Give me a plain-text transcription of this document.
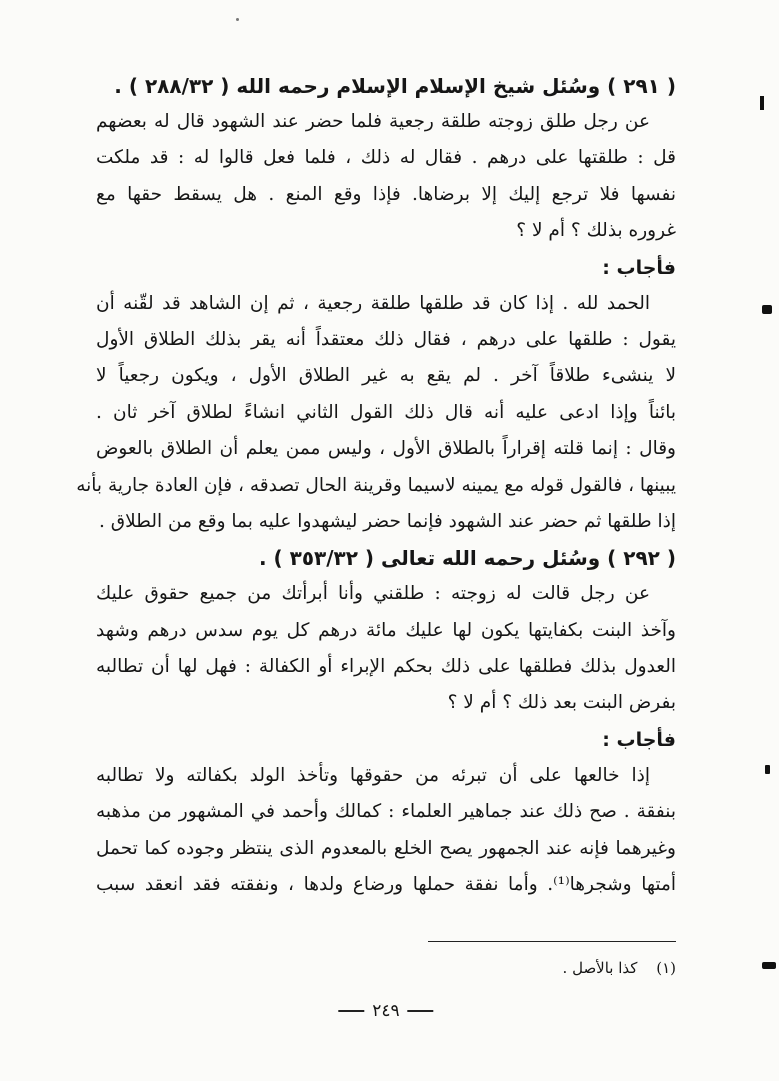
( ٢٩١ ) وسُئل شيخ الإسلام الإسلام رحمه الله ( ٢٨٨/٣٢ ) .

عن رجل طلق زوجته طلقة رجعية فلما حضر عند الشهود قال له بعضهم
قل : طلقتها على درهم . فقال له ذلك ، فلما فعل قالوا له : قد ملكت
نفسها فلا ترجع إليك إلا برضاها. فإذا وقع المنع . هل يسقط حقها مع
غروره بذلك ؟ أم لا ؟

فأجاب :

الحمد لله . إذا كان قد طلقها طلقة رجعية ، ثم إن الشاهد قد لقّنه أن
يقول : طلقها على درهم ، فقال ذلك معتقداً أنه يقر بذلك الطلاق الأول
لا ينشىء طلاقاً آخر . لم يقع به غير الطلاق الأول ، ويكون رجعياً لا
بائناً وإذا ادعى عليه أنه قال ذلك القول الثاني انشاءً لطلاق آخر ثان .
وقال : إنما قلته إقراراً بالطلاق الأول ، وليس ممن يعلم أن الطلاق بالعوض
يبينها ، فالقول قوله مع يمينه لاسيما وقرينة الحال تصدقه ، فإن العادة جارية بأنه
إذا طلقها ثم حضر عند الشهود فإنما حضر ليشهدوا عليه بما وقع من الطلاق .

( ٢٩٢ ) وسُئل رحمه الله تعالى ( ٣٥٣/٣٢ ) .

عن رجل قالت له زوجته : طلقني وأنا أبرأتك من جميع حقوق عليك
وآخذ البنت بكفايتها يكون لها عليك مائة درهم كل يوم سدس درهم وشهد
العدول بذلك فطلقها على ذلك بحكم الإبراء أو الكفالة : فهل لها أن تطالبه
بفرض البنت بعد ذلك ؟ أم لا ؟

فأجاب :

إذا خالعها على أن تبرئه من حقوقها وتأخذ الولد بكفالته ولا تطالبه
بنفقة . صح ذلك عند جماهير العلماء : كمالك وأحمد في المشهور من مذهبه
وغيرهما فإنه عند الجمهور يصح الخلع بالمعدوم الذى ينتظر وجوده كما تحمل
أمتها وشجرها⁽¹⁾. وأما نفقة حملها ورضاع ولدها ، ونفقته فقد انعقد سبب
(١) كذا بالأصل .
٢٤٩
